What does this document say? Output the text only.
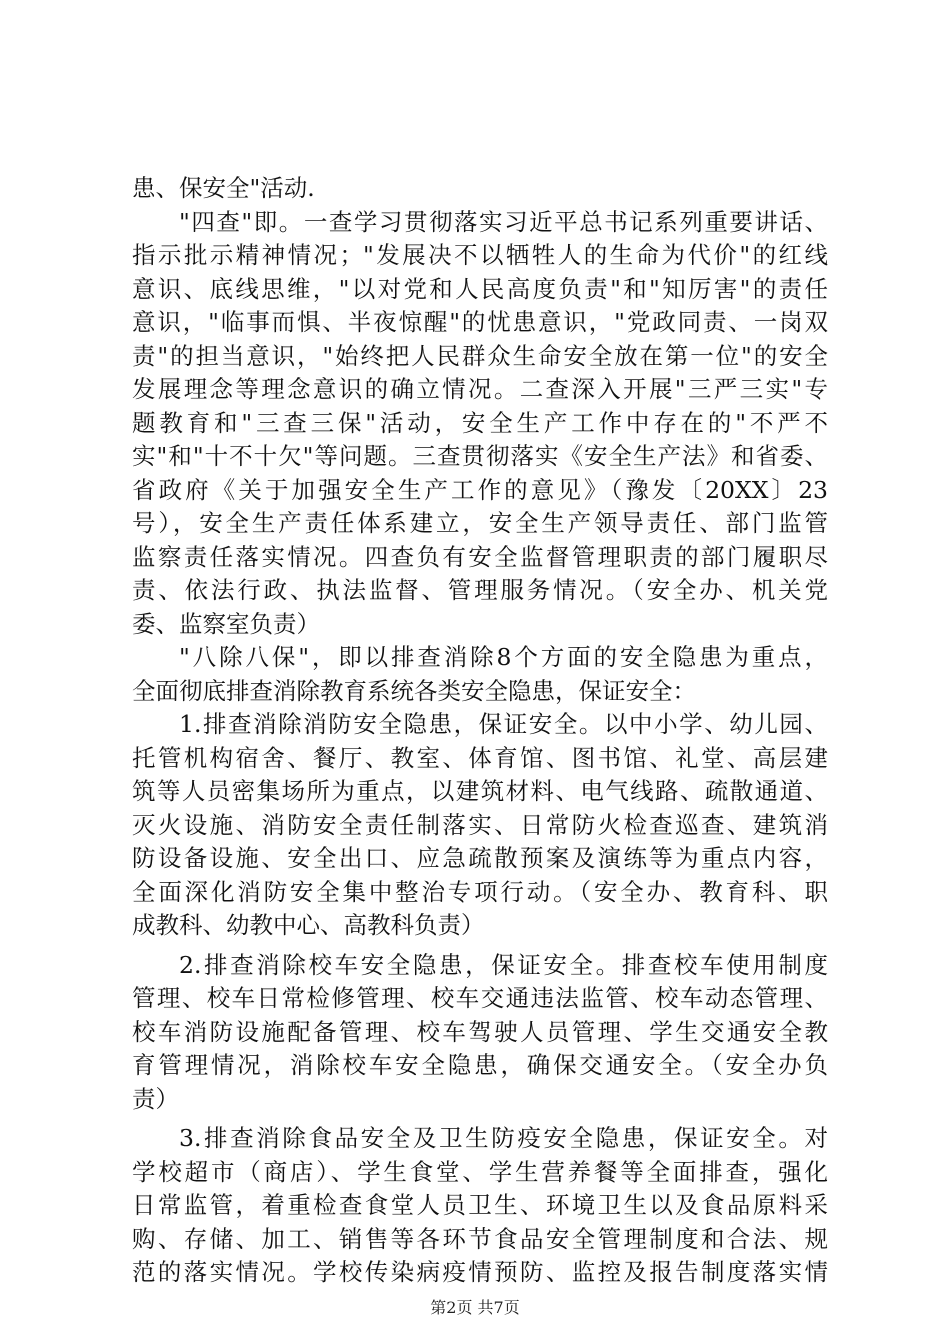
患、保安全"活动.
"四查"即。一查学习贯彻落实习近平总书记系列重要讲话、
指示批示精神情况；"发展决不以牺牲人的生命为代价"的红线
意识、底线思维，"以对党和人民高度负责"和"知厉害"的责任
意识，"临事而惧、半夜惊醒"的忧患意识，"党政同责、一岗双
责"的担当意识，"始终把人民群众生命安全放在第一位"的安全
发展理念等理念意识的确立情况。二查深入开展"三严三实"专
题教育和"三查三保"活动，安全生产工作中存在的"不严不
实"和"十不十欠"等问题。三查贯彻落实《安全生产法》和省委、
省政府《关于加强安全生产工作的意见》（豫发〔20XX〕23
号），安全生产责任体系建立，安全生产领导责任、部门监管
监察责任落实情况。四查负有安全监督管理职责的部门履职尽
责、依法行政、执法监督、管理服务情况。（安全办、机关党
委、监察室负责）
"八除八保"，即以排查消除8个方面的安全隐患为重点，
全面彻底排查消除教育系统各类安全隐患，保证安全：
1.排查消除消防安全隐患，保证安全。以中小学、幼儿园、
托管机构宿舍、餐厅、教室、体育馆、图书馆、礼堂、高层建
筑等人员密集场所为重点，以建筑材料、电气线路、疏散通道、
灭火设施、消防安全责任制落实、日常防火检查巡查、建筑消
防设备设施、安全出口、应急疏散预案及演练等为重点内容，
全面深化消防安全集中整治专项行动。（安全办、教育科、职
成教科、幼教中心、高教科负责）
2.排查消除校车安全隐患，保证安全。排查校车使用制度
管理、校车日常检修管理、校车交通违法监管、校车动态管理、
校车消防设施配备管理、校车驾驶人员管理、学生交通安全教
育管理情况，消除校车安全隐患，确保交通安全。（安全办负
责）
3.排查消除食品安全及卫生防疫安全隐患，保证安全。对
学校超市（商店）、学生食堂、学生营养餐等全面排查，强化
日常监管，着重检查食堂人员卫生、环境卫生以及食品原料采
购、存储、加工、销售等各环节食品安全管理制度和合法、规
范的落实情况。学校传染病疫情预防、监控及报告制度落实情
第2页 共7页
